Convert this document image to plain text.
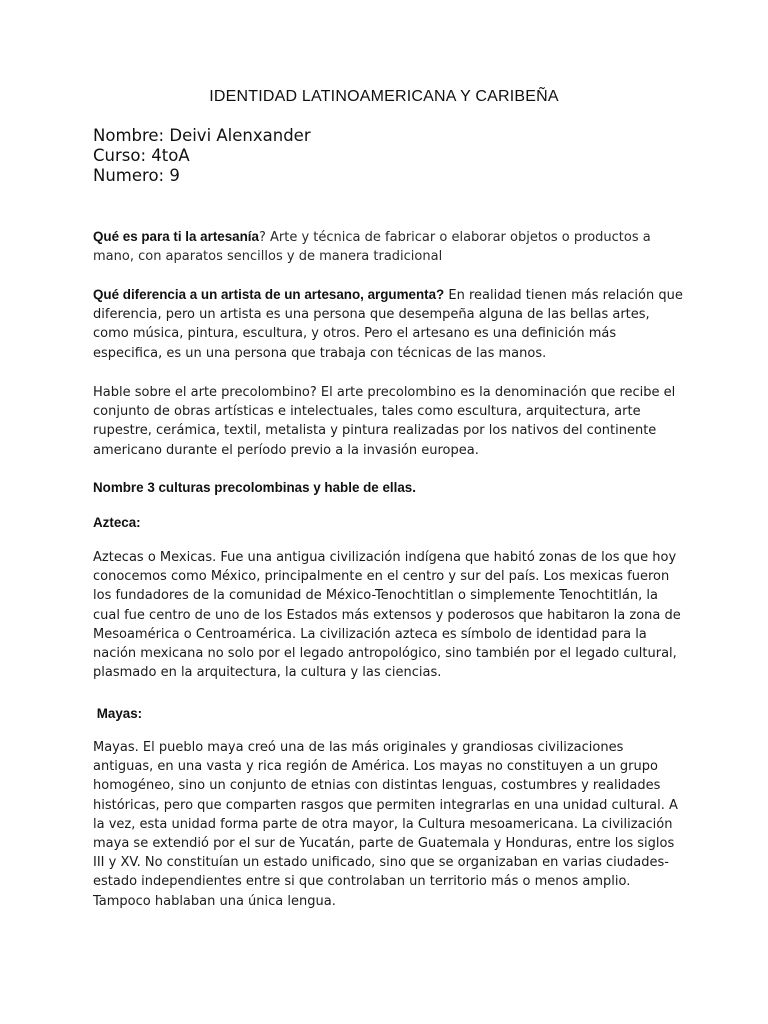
IDENTIDAD LATINOAMERICANA Y CARIBEÑA
Nombre: Deivi Alenxander
Curso: 4toA
Numero: 9

Qué es para ti la artesanía? Arte y técnica de fabricar o elaborar objetos o productos a mano, con aparatos sencillos y de manera tradicional

Qué diferencia a un artista de un artesano, argumenta? En realidad tienen más relación que diferencia, pero un artista es una persona que desempeña alguna de las bellas artes, como música, pintura, escultura, y otros. Pero el artesano es una definición más especifica, es un una persona que trabaja con técnicas de las manos.

Hable sobre el arte precolombino? El arte precolombino es la denominación que recibe el conjunto de obras artísticas e intelectuales, tales como escultura, arquitectura, arte rupestre, cerámica, textil, metalista y pintura realizadas por los nativos del continente americano durante el período previo a la invasión europea.

Nombre 3 culturas precolombinas y hable de ellas.

Azteca:

Aztecas o Mexicas. Fue una antigua civilización indígena que habitó zonas de los que hoy conocemos como México, principalmente en el centro y sur del país. Los mexicas fueron los fundadores de la comunidad de México-Tenochtitlan o simplemente Tenochtitlán, la cual fue centro de uno de los Estados más extensos y poderosos que habitaron la zona de Mesoamérica o Centroamérica. La civilización azteca es símbolo de identidad para la nación mexicana no solo por el legado antropológico, sino también por el legado cultural, plasmado en la arquitectura, la cultura y las ciencias.

Mayas:

Mayas. El pueblo maya creó una de las más originales y grandiosas civilizaciones antiguas, en una vasta y rica región de América. Los mayas no constituyen a un grupo homogéneo, sino un conjunto de etnias con distintas lenguas, costumbres y realidades históricas, pero que comparten rasgos que permiten integrarlas en una unidad cultural. A la vez, esta unidad forma parte de otra mayor, la Cultura mesoamericana. La civilización maya se extendió por el sur de Yucatán, parte de Guatemala y Honduras, entre los siglos III y XV. No constituían un estado unificado, sino que se organizaban en varias ciudades-estado independientes entre si que controlaban un territorio más o menos amplio. Tampoco hablaban una única lengua.
